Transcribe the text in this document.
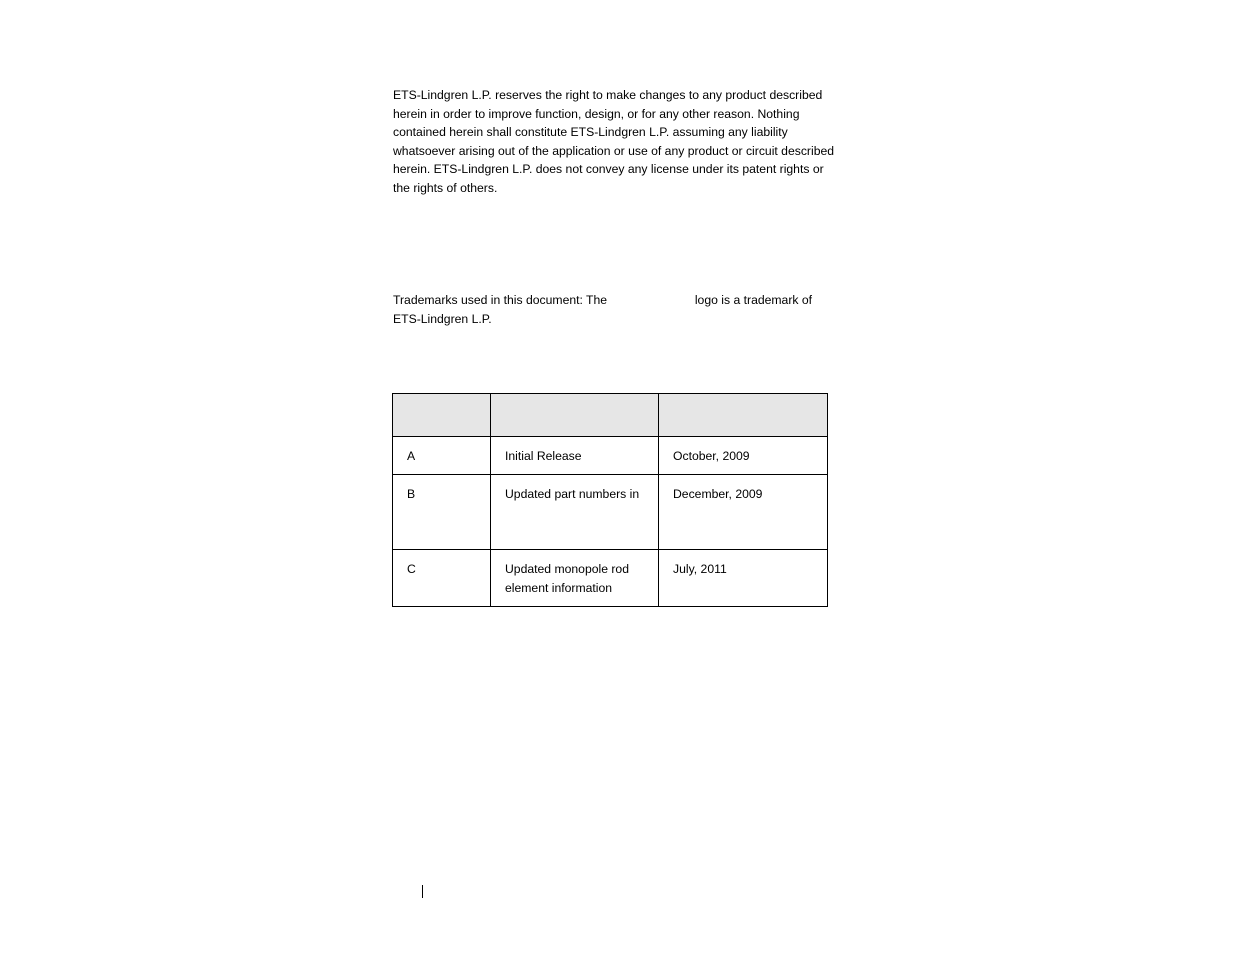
ETS-Lindgren L.P. reserves the right to make changes to any product described herein in order to improve function, design, or for any other reason. Nothing contained herein shall constitute ETS-Lindgren L.P. assuming any liability whatsoever arising out of the application or use of any product or circuit described herein. ETS-Lindgren L.P. does not convey any license under its patent rights or the rights of others.

Trademarks used in this document: The	logo is a trademark of
ETS-Lindgren L.P.

A	Initial Release	October, 2009
B	Updated part numbers in	December, 2009
C	Updated monopole rod element information	July, 2011
